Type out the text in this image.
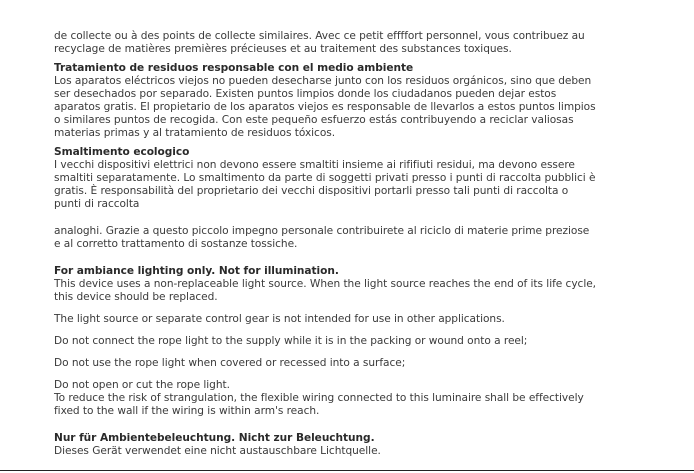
de collecte ou à des points de collecte similaires. Avec ce petit effffort personnel, vous contribuez au
recyclage de matières premières précieuses et au traitement des substances toxiques.
Tratamiento de residuos responsable con el medio ambiente
Los aparatos eléctricos viejos no pueden desecharse junto con los residuos orgánicos, sino que deben
ser desechados por separado. Existen puntos limpios donde los ciudadanos pueden dejar estos
aparatos gratis. El propietario de los aparatos viejos es responsable de llevarlos a estos puntos limpios
o similares puntos de recogida. Con este pequeño esfuerzo estás contribuyendo a reciclar valiosas
materias primas y al tratamiento de residuos tóxicos.
Smaltimento ecologico
I vecchi dispositivi elettrici non devono essere smaltiti insieme ai rififiuti residui, ma devono essere
smaltiti separatamente. Lo smaltimento da parte di soggetti privati presso i punti di raccolta pubblici è
gratis. È responsabilità del proprietario dei vecchi dispositivi portarli presso tali punti di raccolta o
punti di raccolta
analoghi. Grazie a questo piccolo impegno personale contribuirete al riciclo di materie prime preziose
e al corretto trattamento di sostanze tossiche.
For ambiance lighting only. Not for illumination.
This device uses a non-replaceable light source. When the light source reaches the end of its life cycle,
this device should be replaced.
The light source or separate control gear is not intended for use in other applications.
Do not connect the rope light to the supply while it is in the packing or wound onto a reel;
Do not use the rope light when covered or recessed into a surface;
Do not open or cut the rope light.
To reduce the risk of strangulation, the flexible wiring connected to this luminaire shall be effectively
fixed to the wall if the wiring is within arm's reach.
Nur für Ambientebeleuchtung. Nicht zur Beleuchtung.
Dieses Gerät verwendet eine nicht austauschbare Lichtquelle.
